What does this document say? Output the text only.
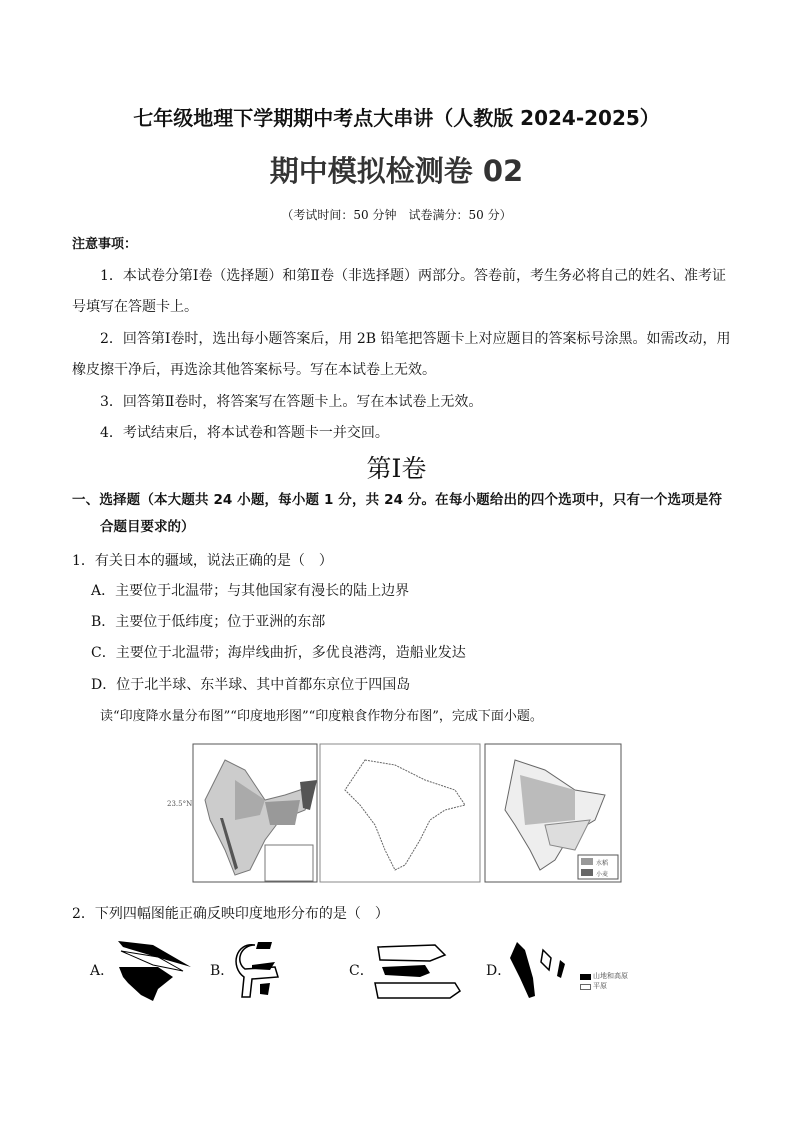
七年级地理下学期期中考点大串讲（人教版 2024-2025）
期中模拟检测卷 02
（考试时间：50 分钟　试卷满分：50 分）
注意事项：
1．本试卷分第Ⅰ卷（选择题）和第Ⅱ卷（非选择题）两部分。答卷前，考生务必将自己的姓名、准考证
号填写在答题卡上。
2．回答第Ⅰ卷时，选出每小题答案后，用 2B 铅笔把答题卡上对应题目的答案标号涂黑。如需改动，用
橡皮擦干净后，再选涂其他答案标号。写在本试卷上无效。
3．回答第Ⅱ卷时，将答案写在答题卡上。写在本试卷上无效。
4．考试结束后，将本试卷和答题卡一并交回。
第Ⅰ卷
一、选择题（本大题共 24 小题，每小题 1 分，共 24 分。在每小题给出的四个选项中，只有一个选项是符
合题目要求的）
1．有关日本的疆域，说法正确的是（　）
A．主要位于北温带；与其他国家有漫长的陆上边界
B．主要位于低纬度；位于亚洲的东部
C．主要位于北温带；海岸线曲折，多优良港湾，造船业发达
D．位于北半球、东半球、其中首都东京位于四国岛
读“印度降水量分布图”“印度地形图”“印度粮食作物分布图”，完成下面小题。
23.5°N
水稻
小麦
2．下列四幅图能正确反映印度地形分布的是（　）
A．	B．	C．	D．	山地和高原
平原
